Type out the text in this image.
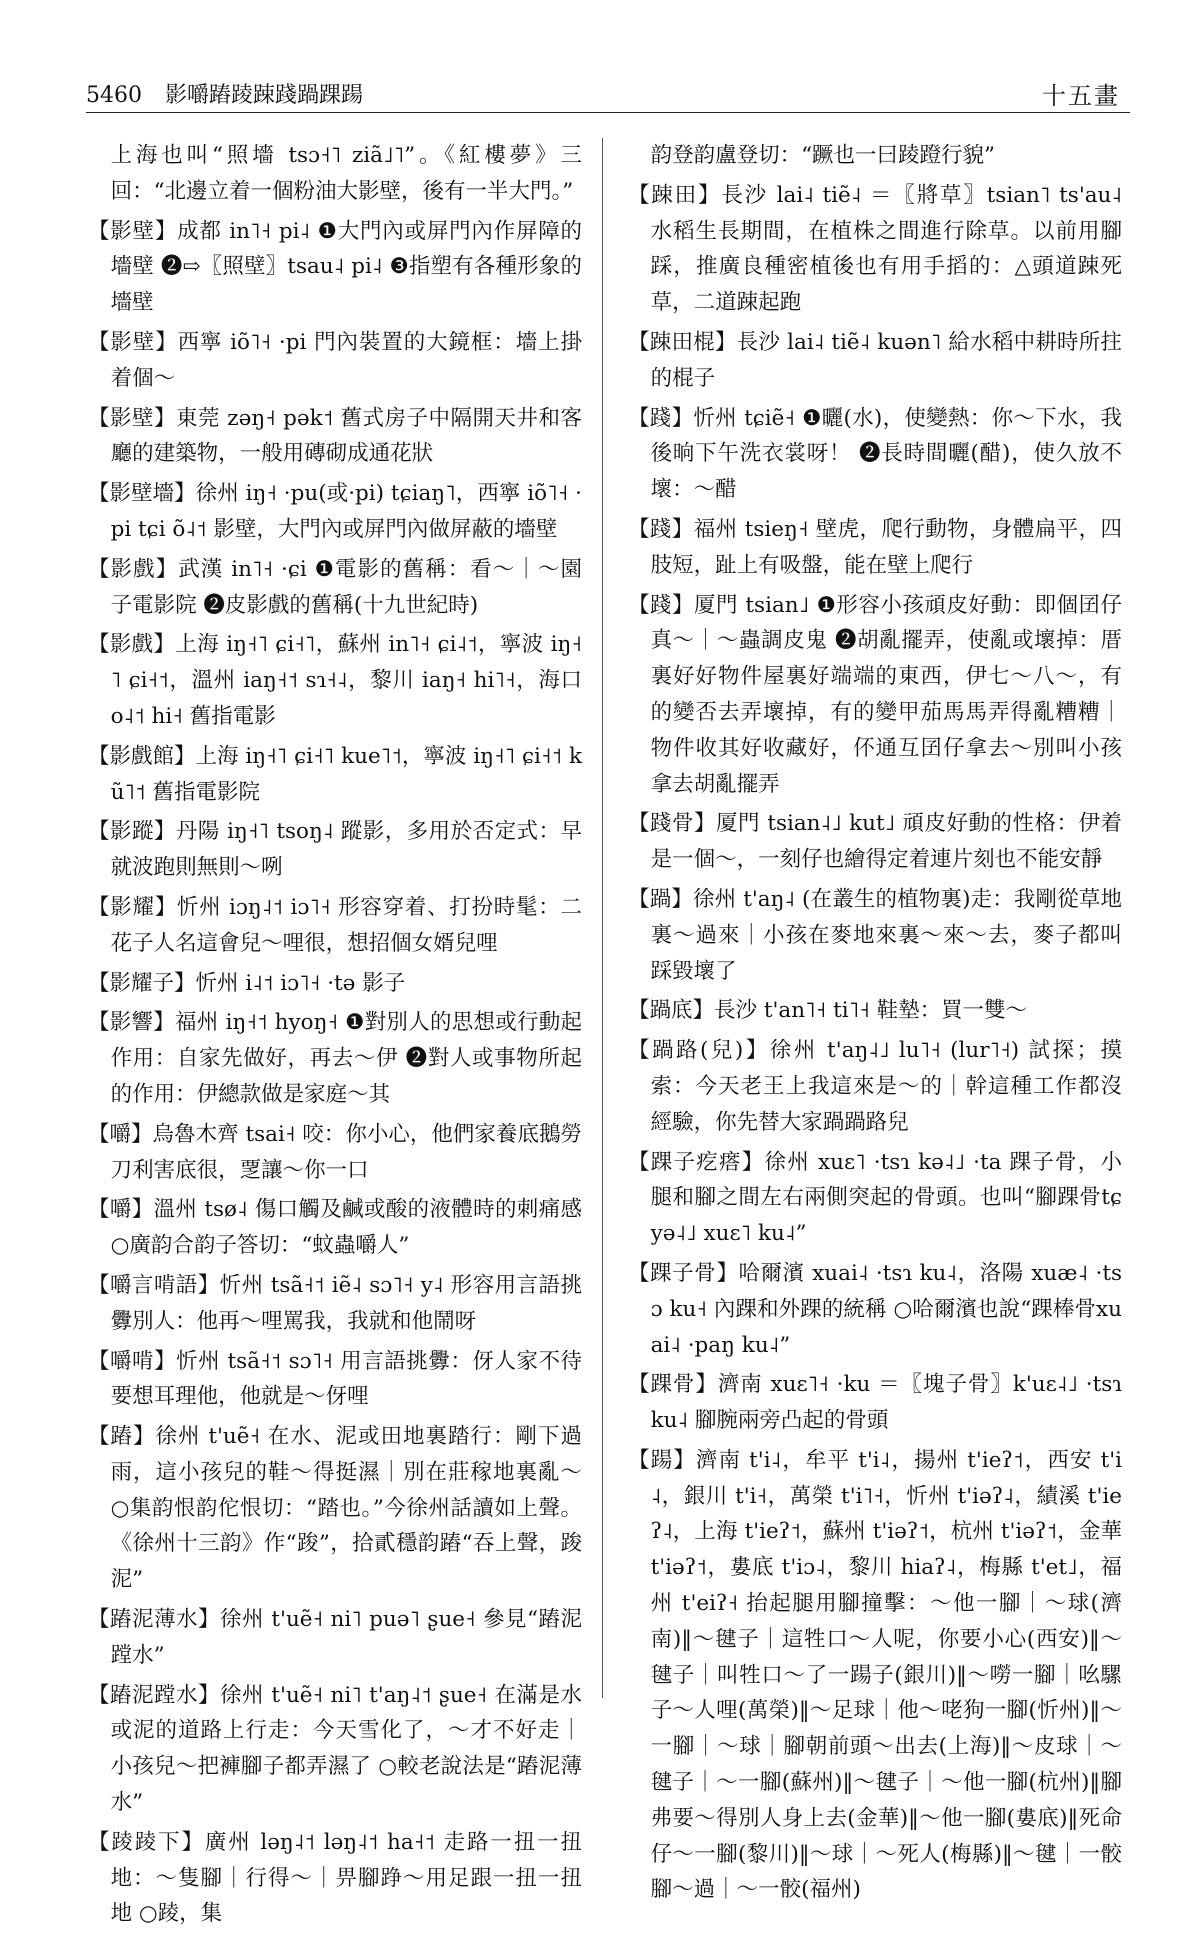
5460 影嚼蹖踜踈踐踻踝踼	十五畫

上海也叫“照墻 tsɔ˧˥ ziã˩˥”。《紅樓夢》三回：“北邊立着一個粉油大影壁，後有一半大門。”

【影壁】成都 in˥˧ pi˨ ❶大門內或屏門內作屏障的墻壁 ❷⇨〖照壁〗tsau˨ pi˨ ❸指塑有各種形象的墻壁

【影壁】西寧 iõ˥˧ ·pi 門內裝置的大鏡框：墻上掛着個～

【影壁】東莞 zəŋ˧ pək˦ 舊式房子中隔開天井和客廳的建築物，一般用磚砌成通花狀

【影壁墻】徐州 iŋ˧ ·pu(或·pi) tɕiaŋ˥，西寧 iõ˥˧ ·pi tɕi õ˨˦ 影壁，大門內或屏門內做屏蔽的墻壁

【影戲】武漢 in˥˧ ·ɕi ❶電影的舊稱：看～｜～園子電影院 ❷皮影戲的舊稱(十九世紀時)

【影戲】上海 iŋ˧˥ ɕi˧˥，蘇州 in˥˧ ɕi˨˦，寧波 iŋ˧˥ ɕi˧˦，溫州 iaŋ˧˦ sɿ˧˨，黎川 iaŋ˧ hi˥˧，海口 o˨˦ hi˧ 舊指電影

【影戲館】上海 iŋ˧˥ ɕi˧˥ kue˥˦，寧波 iŋ˧˥ ɕi˧˦ kũ˥˦ 舊指電影院

【影蹤】丹陽 iŋ˧˥ tsoŋ˨ 蹤影，多用於否定式：早就波跑則無則～咧

【影耀】忻州 iɔŋ˨˦ iɔ˥˧ 形容穿着、打扮時髦：二花子人名這會兒～哩很，想招個女婿兒哩

【影耀子】忻州 i˨˦ iɔ˥˧ ·tə 影子

【影響】福州 iŋ˧˦ hyoŋ˧ ❶對別人的思想或行動起作用：自家先做好，再去～伊 ❷對人或事物所起的作用：伊總款做是家庭～其

【嚼】烏魯木齊 tsai˧ 咬：你小心，他們家養底鵝勞刀利害底很，覂讓～你一口

【嚼】溫州 tsø˨ 傷口觸及鹹或酸的液體時的刺痛感 ○廣韵合韵子答切：“蚊蟲嚼人”

【嚼言啃語】忻州 tsã˧˦ iẽ˨ sɔ˥˧ y˨ 形容用言語挑釁別人：他再～哩罵我，我就和他鬧呀

【嚼啃】忻州 tsã˧˦ sɔ˥˧ 用言語挑釁：伢人家不待要想耳理他，他就是～伢哩

【蹖】徐州 t'uẽ˧ 在水、泥或田地裏踏行：剛下過雨，這小孩兒的鞋～得挺濕｜別在莊稼地裏亂～ ○集韵恨韵佗恨切：“踏也。”今徐州話讀如上聲。《徐州十三韵》作“踆”，拾貳穩韵蹖“吞上聲，踆泥”

【蹖泥薄水】徐州 t'uẽ˧ ni˥ puə˥ ʂue˧ 參見“蹖泥蹚水”

【蹖泥蹚水】徐州 t'uẽ˧ ni˥ t'aŋ˨˦ ʂue˧ 在滿是水或泥的道路上行走：今天雪化了，～才不好走｜小孩兒～把褲腳子都弄濕了 ○較老說法是“蹖泥薄水”

【踜踜下】廣州 ləŋ˨˦ ləŋ˨˦ ha˧˦ 走路一扭一扭地：～隻腳｜行得～｜畀腳踭～用足跟一扭一扭地 ○踜，集

韵登韵盧登切：“蹶也一曰踜蹬行貌”

【踈田】長沙 lai˨ tiẽ˨ ＝〖將草〗tsian˥ ts'au˨ 水稻生長期間，在植株之間進行除草。以前用腳踩，推廣良種密植後也有用手搯的：△頭道踈死草，二道踈起跑

【踈田棍】長沙 lai˨ tiẽ˨ kuən˥ 給水稻中耕時所拄的棍子

【踐】忻州 tɕiẽ˧ ❶曬(水)，使變熱：你～下水，我後晌下午洗衣裳呀！ ❷長時間曬(醋)，使久放不壞：～醋

【踐】福州 tsieŋ˧ 壁虎，爬行動物，身體扁平，四肢短，趾上有吸盤，能在壁上爬行

【踐】厦門 tsian˩ ❶形容小孩頑皮好動：即個囝仔真～｜～蟲調皮鬼 ❷胡亂擺弄，使亂或壞掉：厝裏好好物件屋裏好端端的東西，伊七～八～，有的變否去弄壞掉，有的變甲茄馬馬弄得亂糟糟｜物件收其好收藏好，伓通互囝仔拿去～別叫小孩拿去胡亂擺弄

【踐骨】厦門 tsian˨˩ kut˩ 頑皮好動的性格：伊着是一個～，一刻仔也繪得定着連片刻也不能安靜

【踻】徐州 t'aŋ˨ (在叢生的植物裏)走：我剛從草地裏～過來｜小孩在麥地來裏～來～去，麥子都叫踩毀壞了

【踻底】長沙 t'an˥˧ ti˥˧ 鞋墊：買一雙～

【踻路(兒)】徐州 t'aŋ˨˩ lu˥˧ (lur˥˧) 試探；摸索：今天老王上我這來是～的｜幹這種工作都沒經驗，你先替大家踻踻路兒

【踝子疙瘩】徐州 xuɛ˥ ·tsɿ kə˨˩ ·ta 踝子骨，小腿和腳之間左右兩側突起的骨頭。也叫“腳踝骨tɕyə˨˩ xuɛ˥ ku˨”

【踝子骨】哈爾濱 xuai˨ ·tsɿ ku˨，洛陽 xuæ˨ ·tsɔ ku˧ 內踝和外踝的統稱 ○哈爾濱也說“踝棒骨xuai˨ ·paŋ ku˨”

【踝骨】濟南 xuɛ˥˧ ·ku ＝〖塊子骨〗k'uɛ˨˩ ·tsɿ ku˨ 腳腕兩旁凸起的骨頭

【踼】濟南 t'i˨，牟平 t'i˨，揚州 t'ieʔ˦，西安 t'i˨，銀川 t'i˧，萬榮 t'i˥˧，忻州 t'iəʔ˨，績溪 t'ieʔ˨，上海 t'ieʔ˦，蘇州 t'iəʔ˦，杭州 t'iəʔ˦，金華 t'iəʔ˦，婁底 t'iɔ˨，黎川 hiaʔ˨，梅縣 t'et˩，福州 t'eiʔ˧ 抬起腿用腳撞擊：～他一腳｜～球(濟南)‖～毽子｜這牲口～人呢，你要小心(西安)‖～毽子｜叫牲口～了一踼子(銀川)‖～嘮一腳｜吆騾子～人哩(萬榮)‖～足球｜他～咾狗一腳(忻州)‖～一腳｜～球｜腳朝前頭～出去(上海)‖～皮球｜～毽子｜～一腳(蘇州)‖～毽子｜～他一腳(杭州)‖腳弗要～得別人身上去(金華)‖～他一腳(婁底)‖死命仔～一腳(黎川)‖～球｜～死人(梅縣)‖～毽｜一骹腳～過｜～一骹(福州)
